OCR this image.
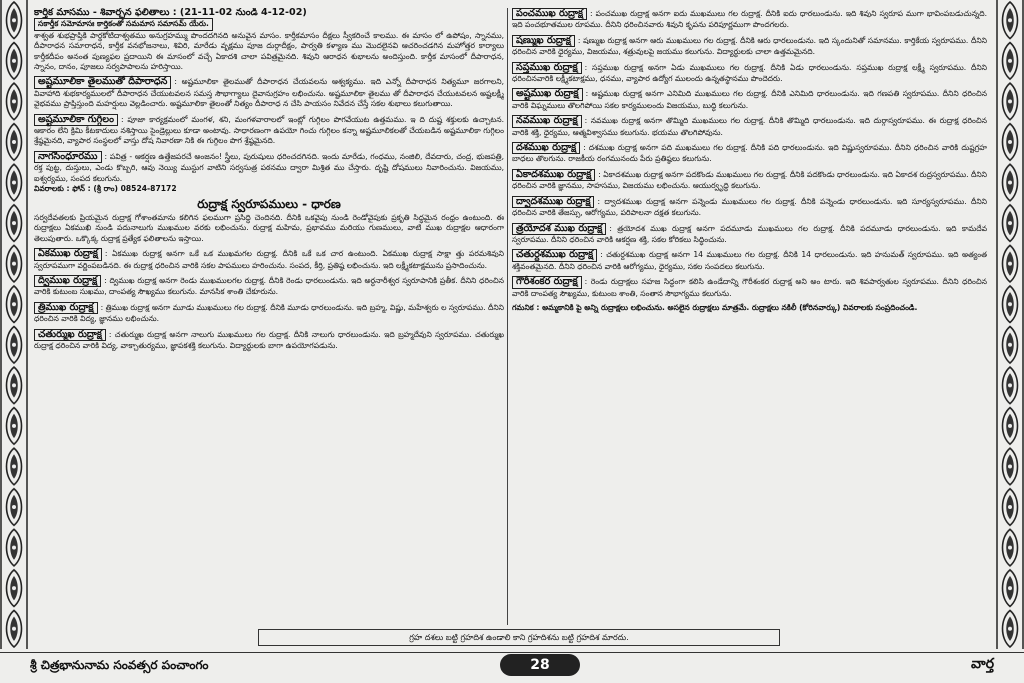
కార్తీక మాసము - శివార్చన ఫలితాలు : (21-11-02 నుండి 4-12-02)

సకార్తీక సమోమాసః కార్తికంతో సమమాస సమాసమ్ యేరు.

శాశ్వత శుభప్రాప్తికి పార్థకోటిదాశ్వతము అనుగ్రహమ్ము పొందదగినది అనువైన మాసం. కార్తీకమాసం దీక్షలు స్వీకరించే కాలము. ఈ మాసం లో ఉపోషం, స్నానము, దీపారాధన సమారాధన, కార్తీక వనభోజనాలు, శివిరి, మారేడు వృక్షము పూజ దుర్గాదీక్షం, పార్వతి కళ్యాణ ము మొదలైనవి ఆచరించడగిన మహోత్తర కార్యాలు కార్తీకదీపం అనంత పుణ్యఫల ప్రదాయిని ఈ మాసంలో వచ్చే ఏకాదశి చాలా పవిత్రమైనది. శివుని ఆరాధన శుభాలను అందిస్తుంది. కార్తీక మాసంలో దీపారాధన, స్నానం, దానం, పూజలు సర్వపాపాలను హరిస్తాయి.

అష్టమూలికా తైలముతో దీపారాధన : అష్టమూలికా తైలముతో దీపారాధన చేయవలను ఆశ్వక్యము. ఇది ఎన్నో దీపారాధన నిత్యమూ జరగాలని, వివాహాది శుభకార్యములలో దీపారాధన చేయుటవలన సమస్త సౌభాగ్యాలు దైవానుగ్రహం లభించును. అష్టమూలికా తైలము తో దీపారాధన చేయుటవలన అష్టలక్ష్మీ వైభవము ప్రాప్తిస్తుంది మహర్షులు వెల్లడించారు. అష్టమూలికా తైలంతో నిత్యం దీపారాధ న చేసి పాయసం నివేదన చేస్తే సకల శుభాలు కలుగుతాయి.

అష్టమూలికా గుగ్గిలం : పూజా కార్యక్రమంలో మంగళ, శని, మంగళవారాలలో ఇంట్లో గుగ్గిలం పొగవేయుట ఉత్తమము. ఇ ది దుష్ట శక్తులకు ఉచ్చాటన. ఆకారం లేని క్రిమి కీటకాదులు నశిస్తాయి సైండ్రెల్లులు కూడా అంటావు. సాధారణంగా ఉపయో గించు గుగ్గిలం కన్నా అష్టమూలికలతో చేయబడిన అష్టమూలికా గుగ్గిలం శ్రేష్ఠమైనది, వ్యాపార సంస్థలలో వాస్తు దోష నివారణా నికి ఈ గుగ్గిలం పొగ శ్రేష్ఠమైనది.

నాగసింధూరము : పవిత్ర - ఆకర్షణ ఉత్తేజపరచే అంజనం! స్త్రీలు, పురుషులు ధరించదగినది. ఇందు మారేడు, గంధము, నంజిలి, దేవదారు, చంద్ర, భుజపత్రి, రక్త పుట్ట, దుస్తులు, ఎండు కొబ్బరి, ఆవు నెయ్యి ముస్టుగ వాటిని సర్వసుత్ర పఠనము ద్వారా మిశ్రిత ము చేస్తారు. దృష్టి దోషములు నివారించును. విజయము, ఐశ్వర్యము, సంపద కలుగును.

వివరాలకు : ఫోన్ : (శ్రీ రాం) 08524-87172

రుద్రాక్ష స్వరూపములు - ధారణ

సర్వదేవతలకు ప్రియమైన రుద్రాక్ష గోశాంతమాను కలిగిన ఫలముగా ప్రసిద్ధి చెందినది. దీనికి ఒకవైపు నుండి రెండోవైపుకు ప్రకృతి సిద్ధమైన రంధ్రం ఉంటుంది. ఈ రుద్రాక్షలు ఏకముఖి నుండి పదునాలుగు ముఖముల వరకు లభించును. రుద్రాక్ష మహిమ, ప్రభావము మరియు గుణములు, వాటి ముఖ రుద్రాక్షల ఆధారంగా తెలుపుతారు. ఒక్కొక్క రుద్రాక్ష ప్రత్యేక ఫలితాలను ఇస్తాయి.

ఏకముఖ రుద్రాక్ష : ఏకముఖ రుద్రాక్ష అనగా ఒకే ఒక ముఖమగల రుద్రాక్ష. దీనికి ఒకే ఒక చార ఉంటుంది. ఏకముఖ రుద్రాక్ష సాక్షా త్తు పరమశివుని స్వరూపముగా వర్ణింపబడినది. ఈ రుద్రాక్ష ధరించిన వారికి సకల పాపములు హరించును. సంపద, కీర్తి, ప్రతిష్ఠ లభించును. ఇది లక్ష్మీకటాక్షమును ప్రసాదించును.

ద్విముఖ రుద్రాక్ష : ద్విముఖ రుద్రాక్ష అనగా రెండు ముఖములగల రుద్రాక్ష. దీనికి రెండు ధారలుండును. ఇది అర్ధనారీశ్వర స్వరూపానికి ప్రతీక. దీనిని ధరించిన వారికి కుటుంబ సుఖము, దాంపత్య సౌఖ్యము కలుగును. మానసిక శాంతి చేకూరును.

త్రిముఖ రుద్రాక్ష : త్రిముఖ రుద్రాక్ష అనగా మూడు ముఖములు గల రుద్రాక్ష. దీనికి మూడు ధారలుండును. ఇది బ్రహ్మ, విష్ణు, మహేశ్వరు ల స్వరూపము. దీనిని ధరించిన వారికి విద్య, జ్ఞానము లభించును.

చతుర్ముఖ రుద్రాక్ష : చతుర్ముఖ రుద్రాక్ష అనగా నాలుగు ముఖములు గల రుద్రాక్ష. దీనికి నాలుగు ధారలుండును. ఇది బ్రహ్మదేవుని స్వరూపము. చతుర్ముఖ రుద్రాక్ష ధరించిన వారికి విద్య, వాక్చాతుర్యము, జ్ఞాపకశక్తి కలుగును. విద్యార్థులకు బాగా ఉపయోగపడును.

పంచముఖ రుద్రాక్ష : పంచముఖ రుద్రాక్ష అనగా ఐదు ముఖములు గల రుద్రాక్ష. దీనికి ఐదు ధారలుండును. ఇది శివుని స్వరూప ముగా భావింపబడుచున్నది. ఇది పంచభూతముల రూపము. దీనిని ధరించినవారు శివుని కృపను పరిపూర్ణముగా పొందగలరు.

షణ్ముఖ రుద్రాక్ష : షణ్ముఖ రుద్రాక్ష అనగా ఆరు ముఖములు గల రుద్రాక్ష. దీనికి ఆరు ధారలుండును. ఇది స్కందునితో సమానము. కార్తికేయ స్వరూపము. దీనిని ధరించిన వారికి ధైర్యము, విజయము, శత్రువులపై జయము కలుగును. విద్యార్థులకు చాలా ఉత్తమమైనది.

సప్తముఖ రుద్రాక్ష : సప్తముఖ రుద్రాక్ష అనగా ఏడు ముఖములు గల రుద్రాక్ష. దీనికి ఏడు ధారలుండును. సప్తముఖ రుద్రాక్ష లక్ష్మీ స్వరూపము. దీనిని ధరించినవారికి లక్ష్మీకటాక్షము, ధనము, వ్యాపార ఉద్యోగ ములందు ఉన్నతస్థానము పొందెదరు.

అష్టముఖ రుద్రాక్ష : అష్టముఖ రుద్రాక్ష అనగా ఎనిమిది ముఖములు గల రుద్రాక్ష. దీనికి ఎనిమిది ధారలుండును. ఇది గణపతి స్వరూపము. దీనిని ధరించిన వారికి విఘ్నములు తొలగిపోయి సకల కార్యములందు విజయము, బుద్ధి కలుగును.

నవముఖ రుద్రాక్ష : నవముఖ రుద్రాక్ష అనగా తొమ్మిది ముఖములు గల రుద్రాక్ష. దీనికి తొమ్మిది ధారలుండును. ఇది దుర్గాస్వరూపము. ఈ రుద్రాక్ష ధరించిన వారికి శక్తి, ధైర్యము, ఆత్మవిశ్వాసము కలుగును. భయము తొలగిపోవును.

దశముఖ రుద్రాక్ష : దశముఖ రుద్రాక్ష అనగా పది ముఖములు గల రుద్రాక్ష. దీనికి పది ధారలుండును. ఇది విష్ణుస్వరూపము. దీనిని ధరించిన వారికి దుష్టగ్రహ బాధలు తొలగును. రాజకీయ రంగమునందు పేరు ప్రతిష్ఠలు కలుగును.

ఏకాదశముఖ రుద్రాక్ష : ఏకాదశముఖ రుద్రాక్ష అనగా పదకొండు ముఖములు గల రుద్రాక్ష. దీనికి పదకొండు ధారలుండును. ఇది ఏకాదశ రుద్రస్వరూపము. దీనిని ధరించిన వారికి జ్ఞానము, సాహసము, విజయము లభించును. ఆయుర్వృద్ధి కలుగును.

ద్వాదశముఖ రుద్రాక్ష : ద్వాదశముఖ రుద్రాక్ష అనగా పన్నెండు ముఖములు గల రుద్రాక్ష. దీనికి పన్నెండు ధారలుండును. ఇది సూర్యస్వరూపము. దీనిని ధరించిన వారికి తేజస్సు, ఆరోగ్యము, పరిపాలనా దక్షత కలుగును.

త్రయోదశ ముఖ రుద్రాక్ష : త్రయోదశ ముఖ రుద్రాక్ష అనగా పదమూడు ముఖములు గల రుద్రాక్ష. దీనికి పదమూడు ధారలుండును. ఇది కామదేవ స్వరూపము. దీనిని ధరించిన వారికి ఆకర్షణ శక్తి, సకల కోరికలు సిద్ధించును.

చతుర్దశముఖ రుద్రాక్ష : చతుర్దశముఖ రుద్రాక్ష అనగా 14 ముఖములు గల రుద్రాక్ష. దీనికి 14 ధారలుండును. ఇది హనుమత్ స్వరూపము. ఇది అత్యంత శక్తివంతమైనది. దీనిని ధరించిన వారికి ఆరోగ్యము, ధైర్యము, సకల సంపదలు కలుగును.

గౌరీశంకర రుద్రాక్ష : రెండు రుద్రాక్షలు సహజ సిద్ధంగా కలిసి ఉండేదాన్ని గౌరీశంకర రుద్రాక్ష అని అం టారు. ఇది శివపార్వతుల స్వరూపము. దీనిని ధరించిన వారికి దాంపత్య సౌఖ్యము, కుటుంబ శాంతి, సంతాన సౌభాగ్యము కలుగును.

గమనిక : అమ్మకానికి పై అన్ని రుద్రాక్షలు లభించును. అసలైన రుద్రాక్షలు మాత్రమే. రుద్రాక్షలు నకిలీ (కోరినవార్కు) వివరాలకు సంప్రదించండి.

గ్రహ దశలు బట్టి గ్రహదిశ ఉండాలి కాని గ్రహదిశను బట్టి గ్రహదిశ మారదు.
శ్రీ చిత్రభానునామ సంవత్సర పంచాంగం	28	వార్త
